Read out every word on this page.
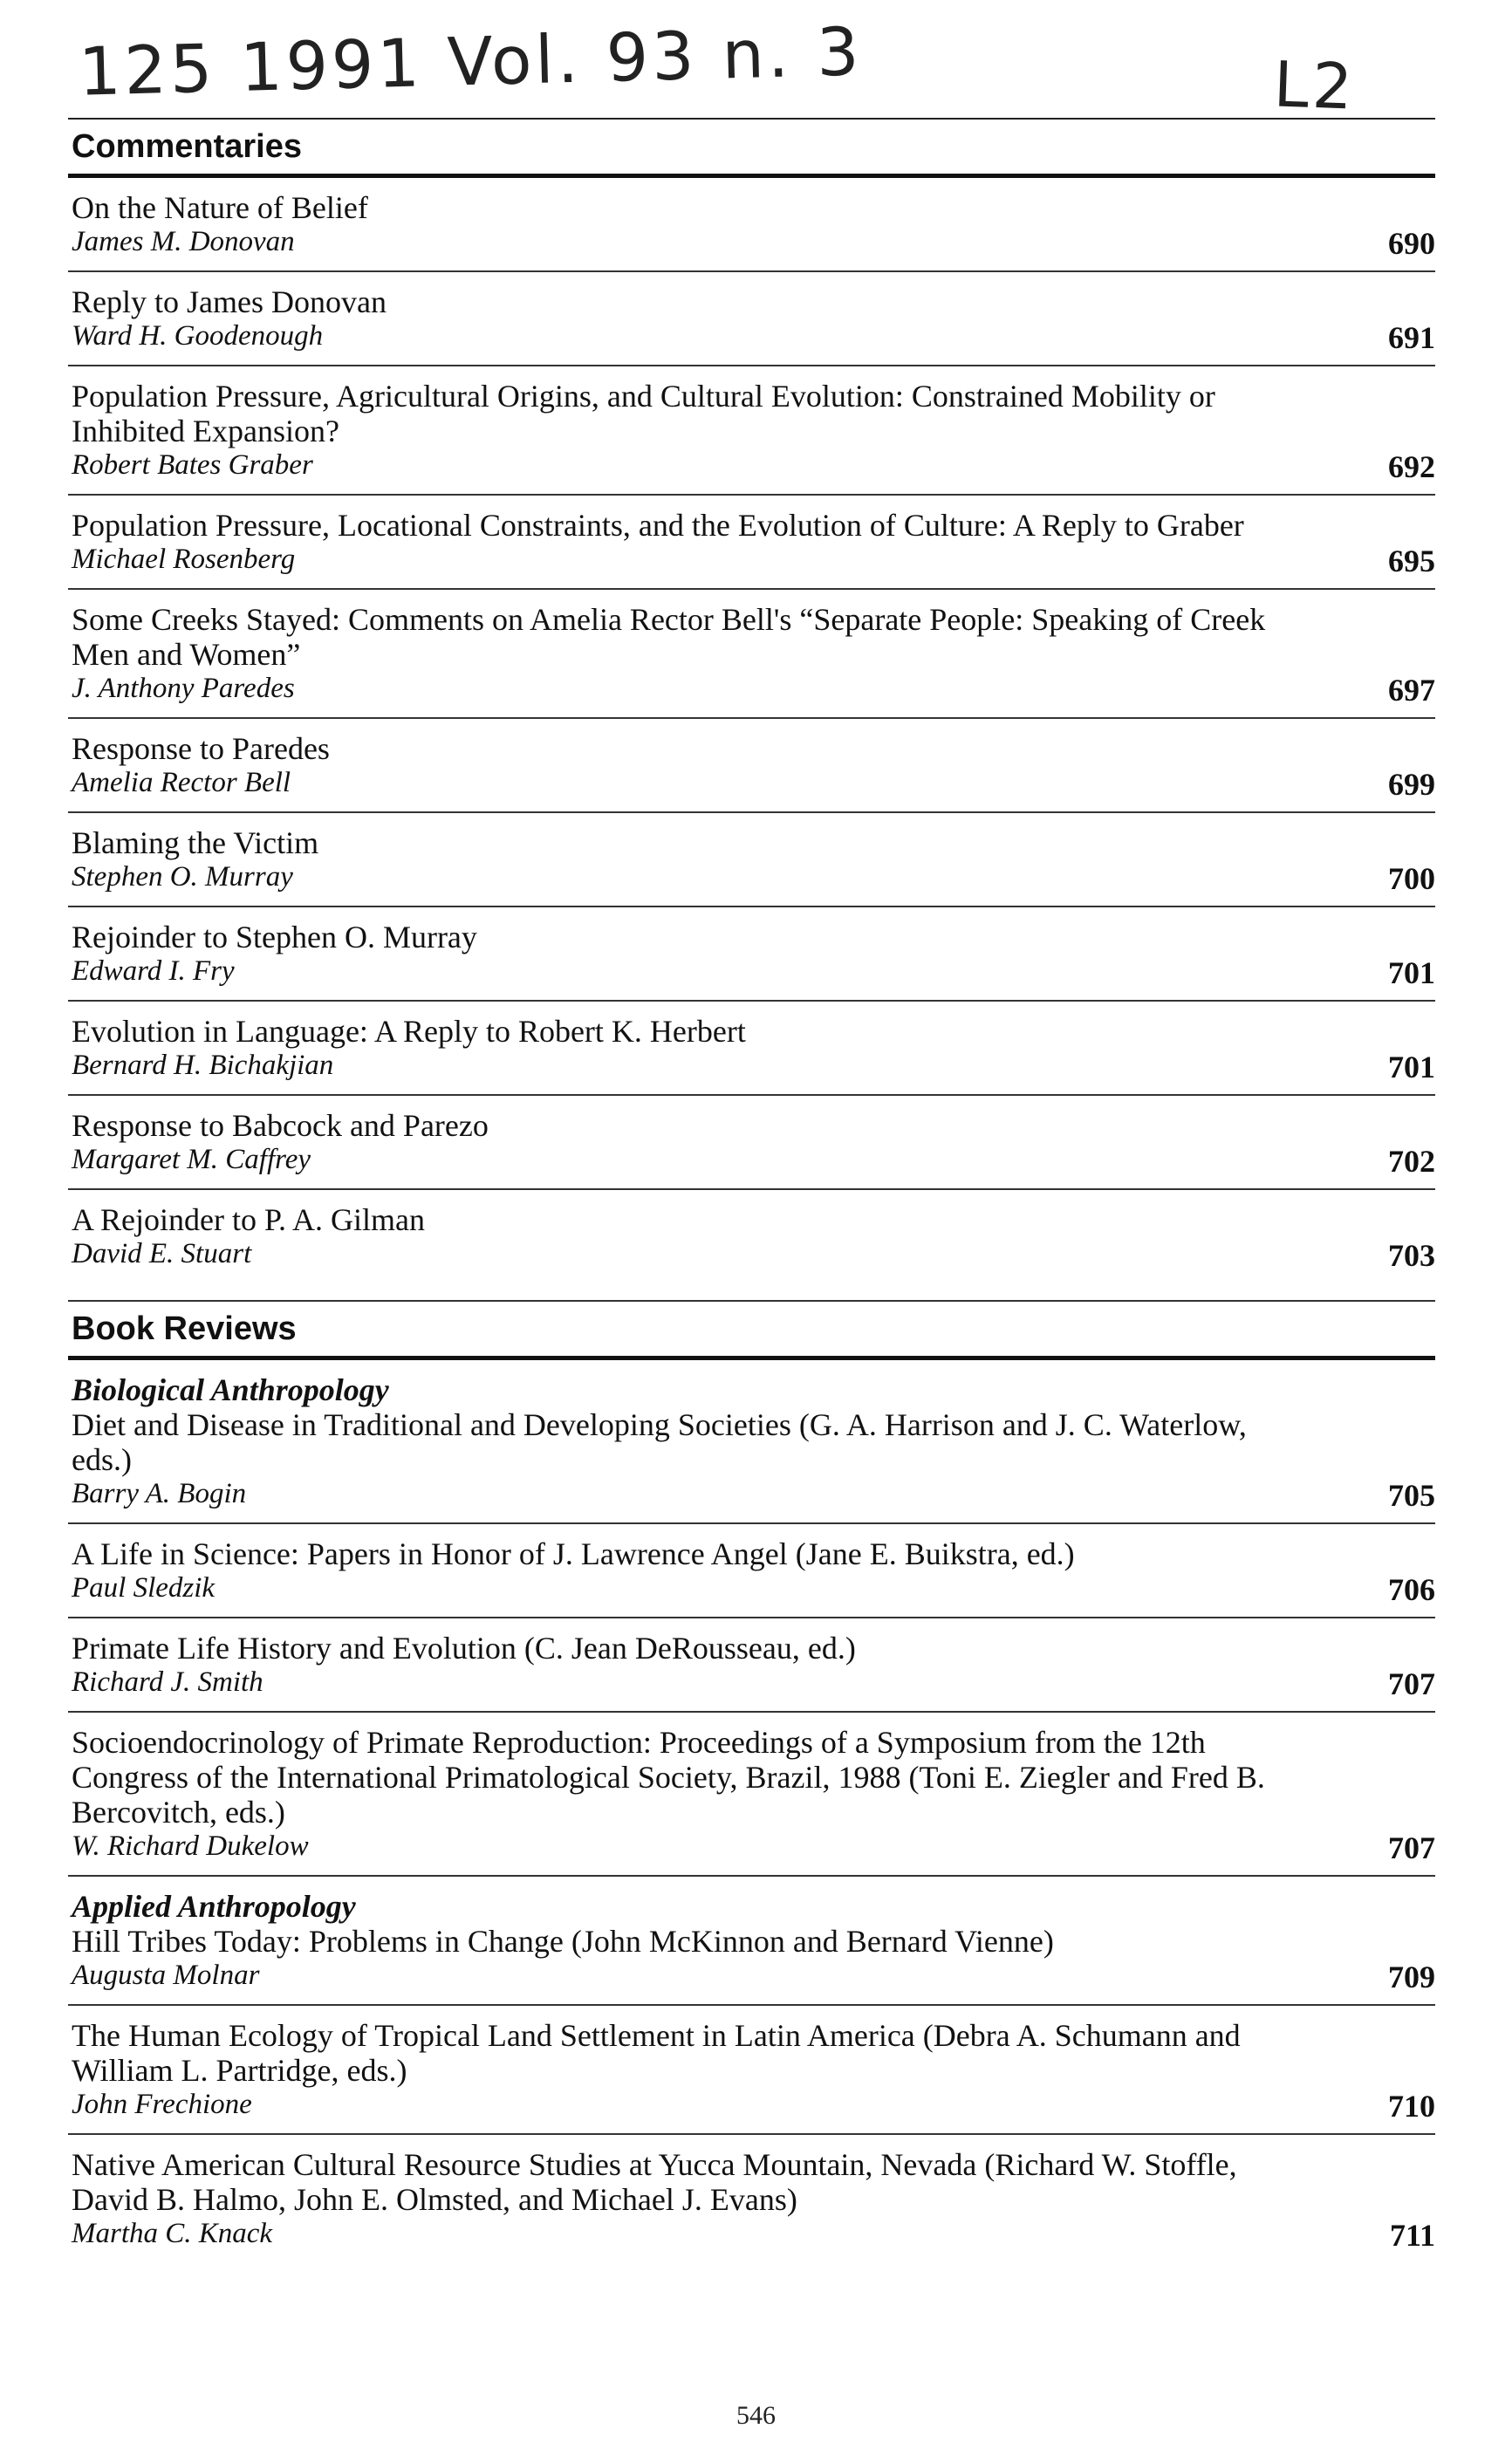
125 1991 Vol. 93 n. 3	L2
Commentaries
On the Nature of Belief
James M. Donovan	690
Reply to James Donovan
Ward H. Goodenough	691
Population Pressure, Agricultural Origins, and Cultural Evolution: Constrained Mobility or Inhibited Expansion?
Robert Bates Graber	692
Population Pressure, Locational Constraints, and the Evolution of Culture: A Reply to Graber
Michael Rosenberg	695
Some Creeks Stayed: Comments on Amelia Rector Bell's “Separate People: Speaking of Creek Men and Women”
J. Anthony Paredes	697
Response to Paredes
Amelia Rector Bell	699
Blaming the Victim
Stephen O. Murray	700
Rejoinder to Stephen O. Murray
Edward I. Fry	701
Evolution in Language: A Reply to Robert K. Herbert
Bernard H. Bichakjian	701
Response to Babcock and Parezo
Margaret M. Caffrey	702
A Rejoinder to P. A. Gilman
David E. Stuart	703
Book Reviews
Biological Anthropology
Diet and Disease in Traditional and Developing Societies (G. A. Harrison and J. C. Waterlow, eds.)
Barry A. Bogin	705
A Life in Science: Papers in Honor of J. Lawrence Angel (Jane E. Buikstra, ed.)
Paul Sledzik	706
Primate Life History and Evolution (C. Jean DeRousseau, ed.)
Richard J. Smith	707
Socioendocrinology of Primate Reproduction: Proceedings of a Symposium from the 12th Congress of the International Primatological Society, Brazil, 1988 (Toni E. Ziegler and Fred B. Bercovitch, eds.)
W. Richard Dukelow	707
Applied Anthropology
Hill Tribes Today: Problems in Change (John McKinnon and Bernard Vienne)
Augusta Molnar	709
The Human Ecology of Tropical Land Settlement in Latin America (Debra A. Schumann and William L. Partridge, eds.)
John Frechione	710
Native American Cultural Resource Studies at Yucca Mountain, Nevada (Richard W. Stoffle, David B. Halmo, John E. Olmsted, and Michael J. Evans)
Martha C. Knack	711
546
